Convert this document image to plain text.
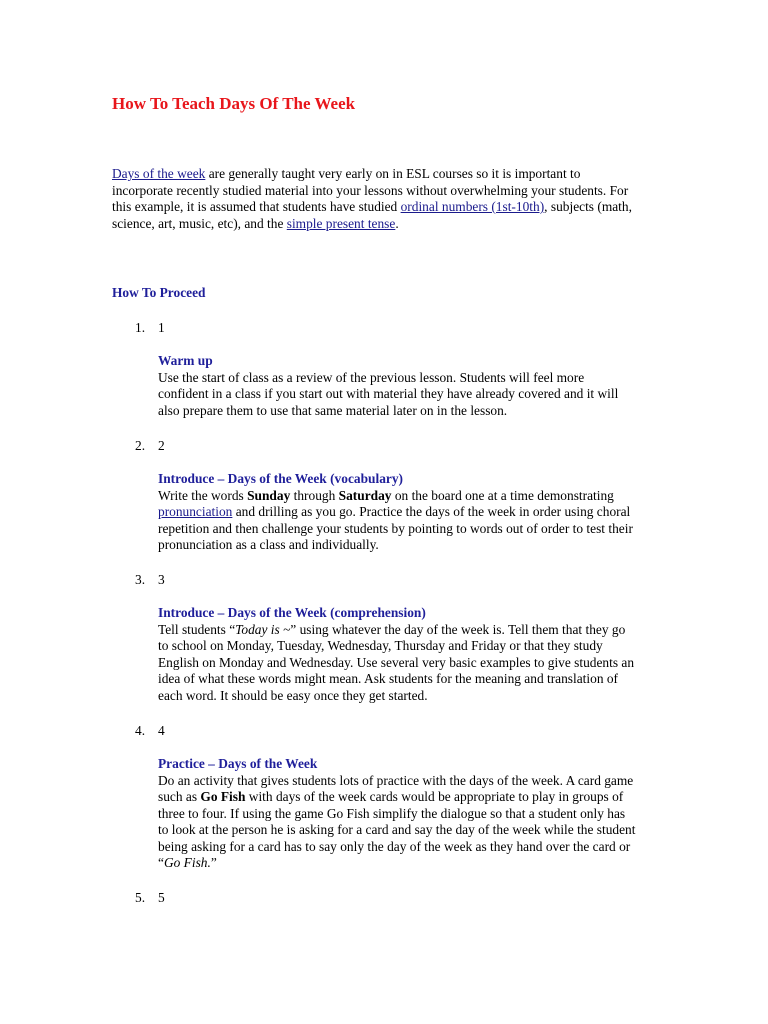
How To Teach Days Of The Week

Days of the week are generally taught very early on in ESL courses so it is important to incorporate recently studied material into your lessons without overwhelming your students. For this example, it is assumed that students have studied ordinal numbers (1st-10th), subjects (math, science, art, music, etc), and the simple present tense.

How To Proceed
1. 1

Warm up

Use the start of class as a review of the previous lesson. Students will feel more confident in a class if you start out with material they have already covered and it will also prepare them to use that same material later on in the lesson.

2. 2

Introduce – Days of the Week (vocabulary)

Write the words Sunday through Saturday on the board one at a time demonstrating pronunciation and drilling as you go. Practice the days of the week in order using choral repetition and then challenge your students by pointing to words out of order to test their pronunciation as a class and individually.

3. 3

Introduce – Days of the Week (comprehension)

Tell students “Today is ~” using whatever the day of the week is. Tell them that they go to school on Monday, Tuesday, Wednesday, Thursday and Friday or that they study English on Monday and Wednesday. Use several very basic examples to give students an idea of what these words might mean. Ask students for the meaning and translation of each word. It should be easy once they get started.

4. 4

Practice – Days of the Week

Do an activity that gives students lots of practice with the days of the week. A card game such as Go Fish with days of the week cards would be appropriate to play in groups of three to four. If using the game Go Fish simplify the dialogue so that a student only has to look at the person he is asking for a card and say the day of the week while the student being asking for a card has to say only the day of the week as they hand over the card or “Go Fish.”

5. 5
